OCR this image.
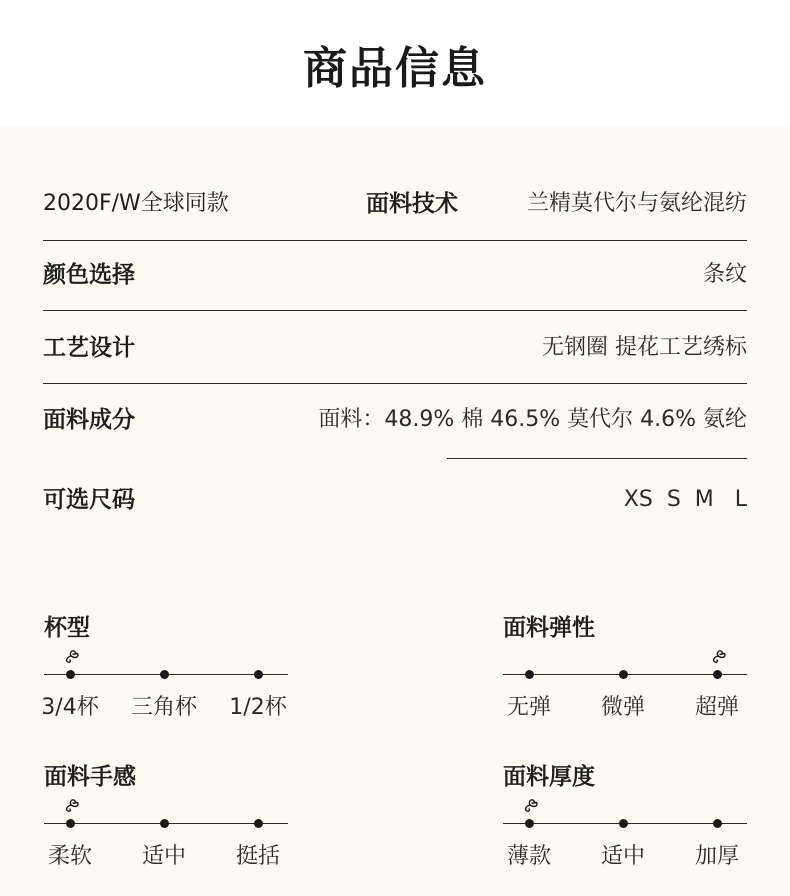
商品信息
2020F/W全球同款	面料技术	兰精莫代尔与氨纶混纺
颜色选择	条纹
工艺设计	无钢圈 提花工艺绣标
面料成分	面料：48.9% 棉 46.5% 莫代尔 4.6% 氨纶
可选尺码	XS  S  M   L
杯型
3/4杯 三角杯 1/2杯
面料弹性
无弹 微弹 超弹
面料手感
柔软 适中 挺括
面料厚度
薄款 适中 加厚
